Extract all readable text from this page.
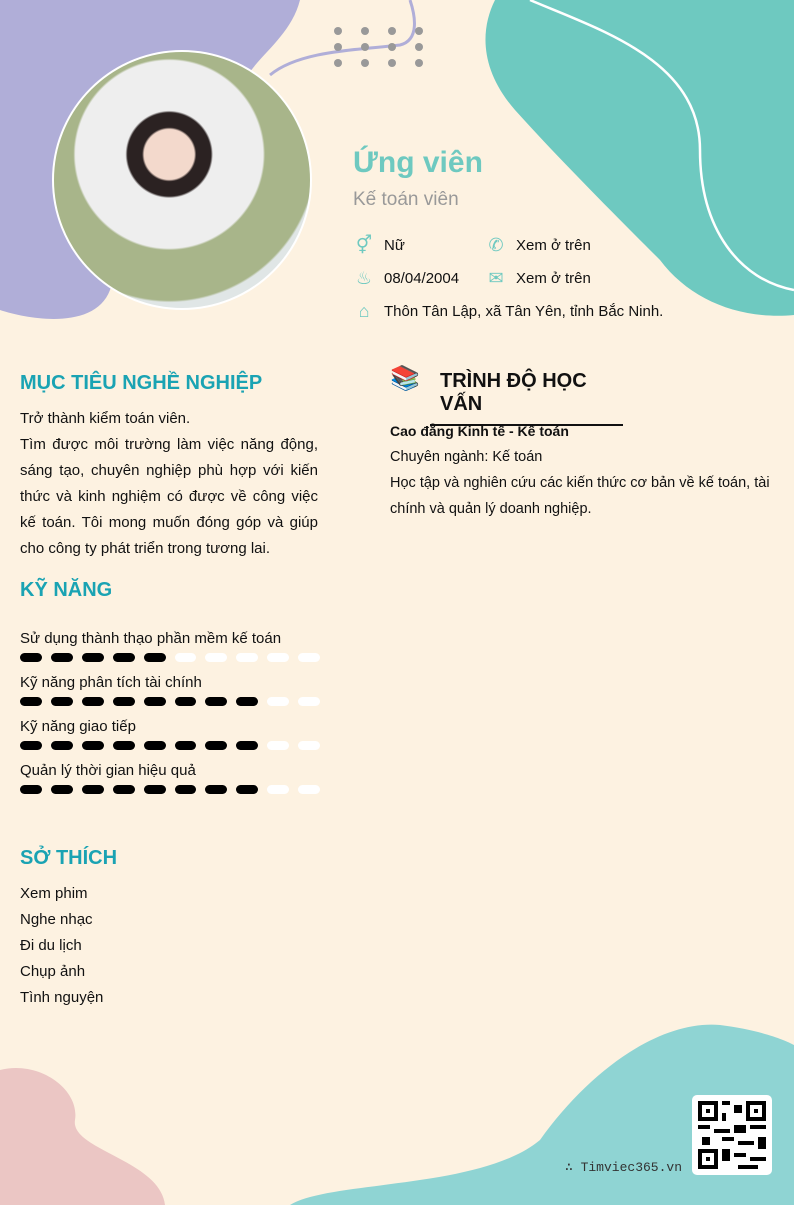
Ứng viên
Kế toán viên
⚥ Nữ	✆ Xem ở trên
♨ 08/04/2004 ✉ Xem ở trên
⌂ Thôn Tân Lập, xã Tân Yên, tỉnh Bắc Ninh.
MỤC TIÊU NGHỀ NGHIỆP
Trở thành kiểm toán viên.
Tìm được môi trường làm việc năng động, sáng tạo, chuyên nghiệp phù hợp với kiến thức và kinh nghiệm có được về công việc kế toán. Tôi mong muốn đóng góp và giúp cho công ty phát triển trong tương lai.
KỸ NĂNG
Sử dụng thành thạo phần mềm kế toán
Kỹ năng phân tích tài chính
Kỹ năng giao tiếp
Quản lý thời gian hiệu quả
SỞ THÍCH
Xem phim
Nghe nhạc
Đi du lịch
Chụp ảnh
Tình nguyện
📚	TRÌNH ĐỘ HỌC VẤN
Cao đẳng Kinh tế - Kế toán
Chuyên ngành: Kế toán
Học tập và nghiên cứu các kiến thức cơ bản về kế toán, tài chính và quản lý doanh nghiệp.
∴ Timviec365.vn
